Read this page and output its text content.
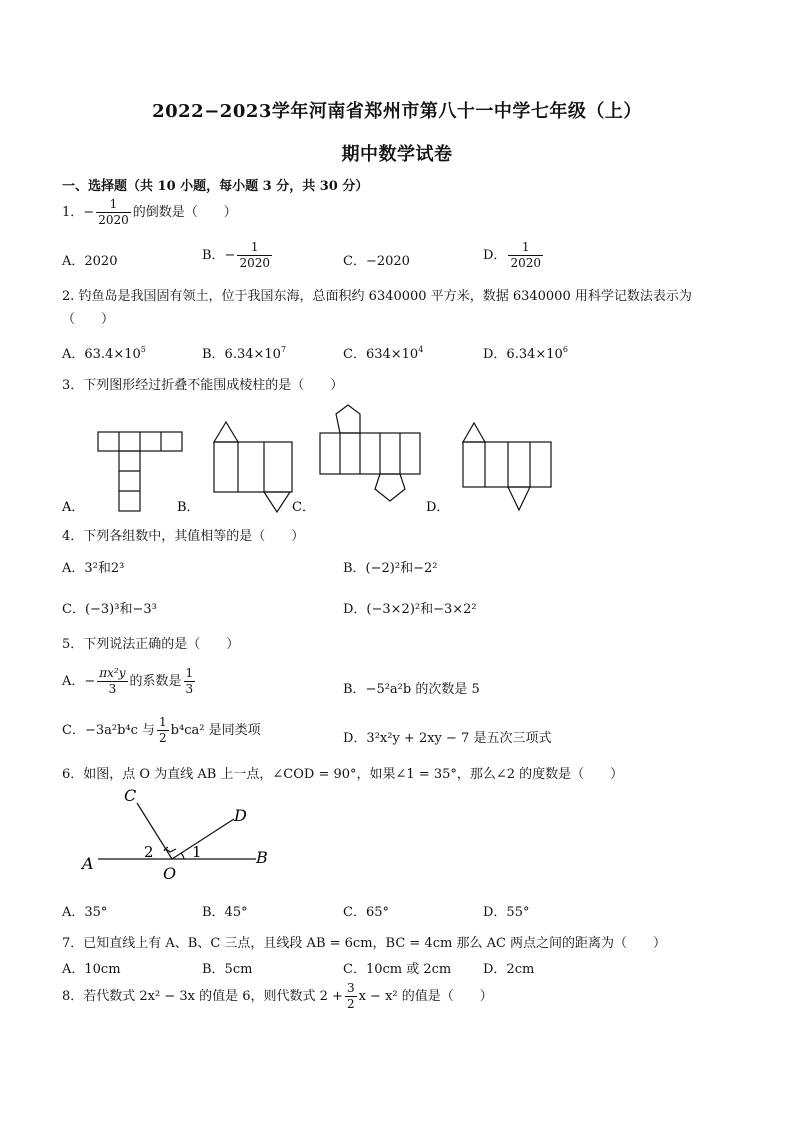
2022−2023学年河南省郑州市第八十一中学七年级（上）
期中数学试卷
一、选择题（共 10 小题，每小题 3 分，共 30 分）
1．− $\frac{1}{2020}$ 的倒数是（　　）
A．2020	B．− $\frac{1}{2020}$	C．−2020	D． $\frac{1}{2020}$
2. 钓鱼岛是我国固有领土，位于我国东海，总面积约 6340000 平方米，数据 6340000 用科学记数法表示为
（　　）
A．$63.4\times 10^5$	B．$6.34\times 10^7$	C．$634\times 10^4$	D．$6.34\times 10^6$
3．下列图形经过折叠不能围成棱柱的是（　　）
A．	B．	C．	D．
4．下列各组数中，其值相等的是（　　）
A．3²和2³	B．(−2)²和−2²
C．(−3)³和−3³	D．(−3×2)²和−3×2²
5．下列说法正确的是（　　）
A．− $\frac{\text{πx²y}}{3}$ 的系数是 $\frac{1}{3}$	B．−5²a²b 的次数是 5
C．−3a²b⁴c 与 $\frac{1}{2} b^4ca^2$ 是同类项
D．3²x²y + 2xy − 7 是五次三项式
6．如图，点 O 为直线 AB 上一点，∠COD = 90°，如果∠1 = 35°，那么∠2 的度数是（　　）
A	B
C
D
O
1
2
A．35°	B．45°	C．65°	D．55°
7．已知直线上有 A、B、C 三点，且线段 AB = 6cm，BC = 4cm 那么 AC 两点之间的距离为（　　）
A．10cm	B．5cm	C．10cm 或 2cm D．2cm
8．若代数式 2x² − 3x 的值是 6，则代数式 $2 + \frac{3}{2}$ x − x² 的值是（　　）
